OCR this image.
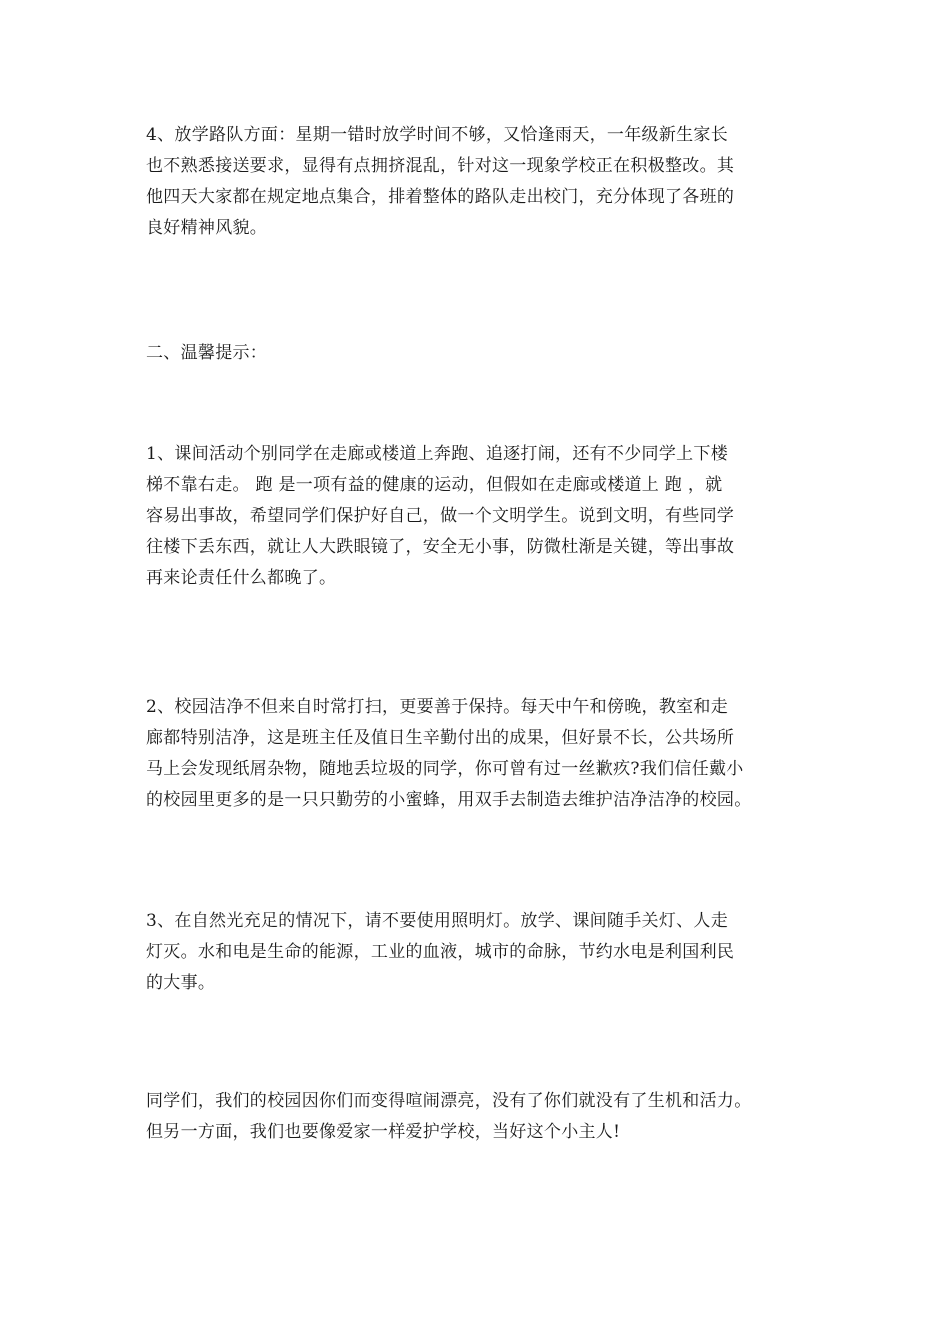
4、放学路队方面：星期一错时放学时间不够，又恰逢雨天，一年级新生家长
也不熟悉接送要求，显得有点拥挤混乱，针对这一现象学校正在积极整改。其
他四天大家都在规定地点集合，排着整体的路队走出校门，充分体现了各班的
良好精神风貌。

二、温馨提示：

1、课间活动个别同学在走廊或楼道上奔跑、追逐打闹，还有不少同学上下楼
梯不靠右走。 跑 是一项有益的健康的运动，但假如在走廊或楼道上 跑 ，就
容易出事故，希望同学们保护好自己，做一个文明学生。说到文明，有些同学
往楼下丢东西，就让人大跌眼镜了，安全无小事，防微杜渐是关键，等出事故
再来论责任什么都晚了。

2、校园洁净不但来自时常打扫，更要善于保持。每天中午和傍晚，教室和走
廊都特别洁净，这是班主任及值日生辛勤付出的成果，但好景不长，公共场所
马上会发现纸屑杂物，随地丢垃圾的同学，你可曾有过一丝歉疚?我们信任戴小
的校园里更多的是一只只勤劳的小蜜蜂，用双手去制造去维护洁净洁净的校园。

3、在自然光充足的情况下，请不要使用照明灯。放学、课间随手关灯、人走
灯灭。水和电是生命的能源，工业的血液，城市的命脉，节约水电是利国利民
的大事。

同学们，我们的校园因你们而变得喧闹漂亮，没有了你们就没有了生机和活力。
但另一方面，我们也要像爱家一样爱护学校，当好这个小主人!
